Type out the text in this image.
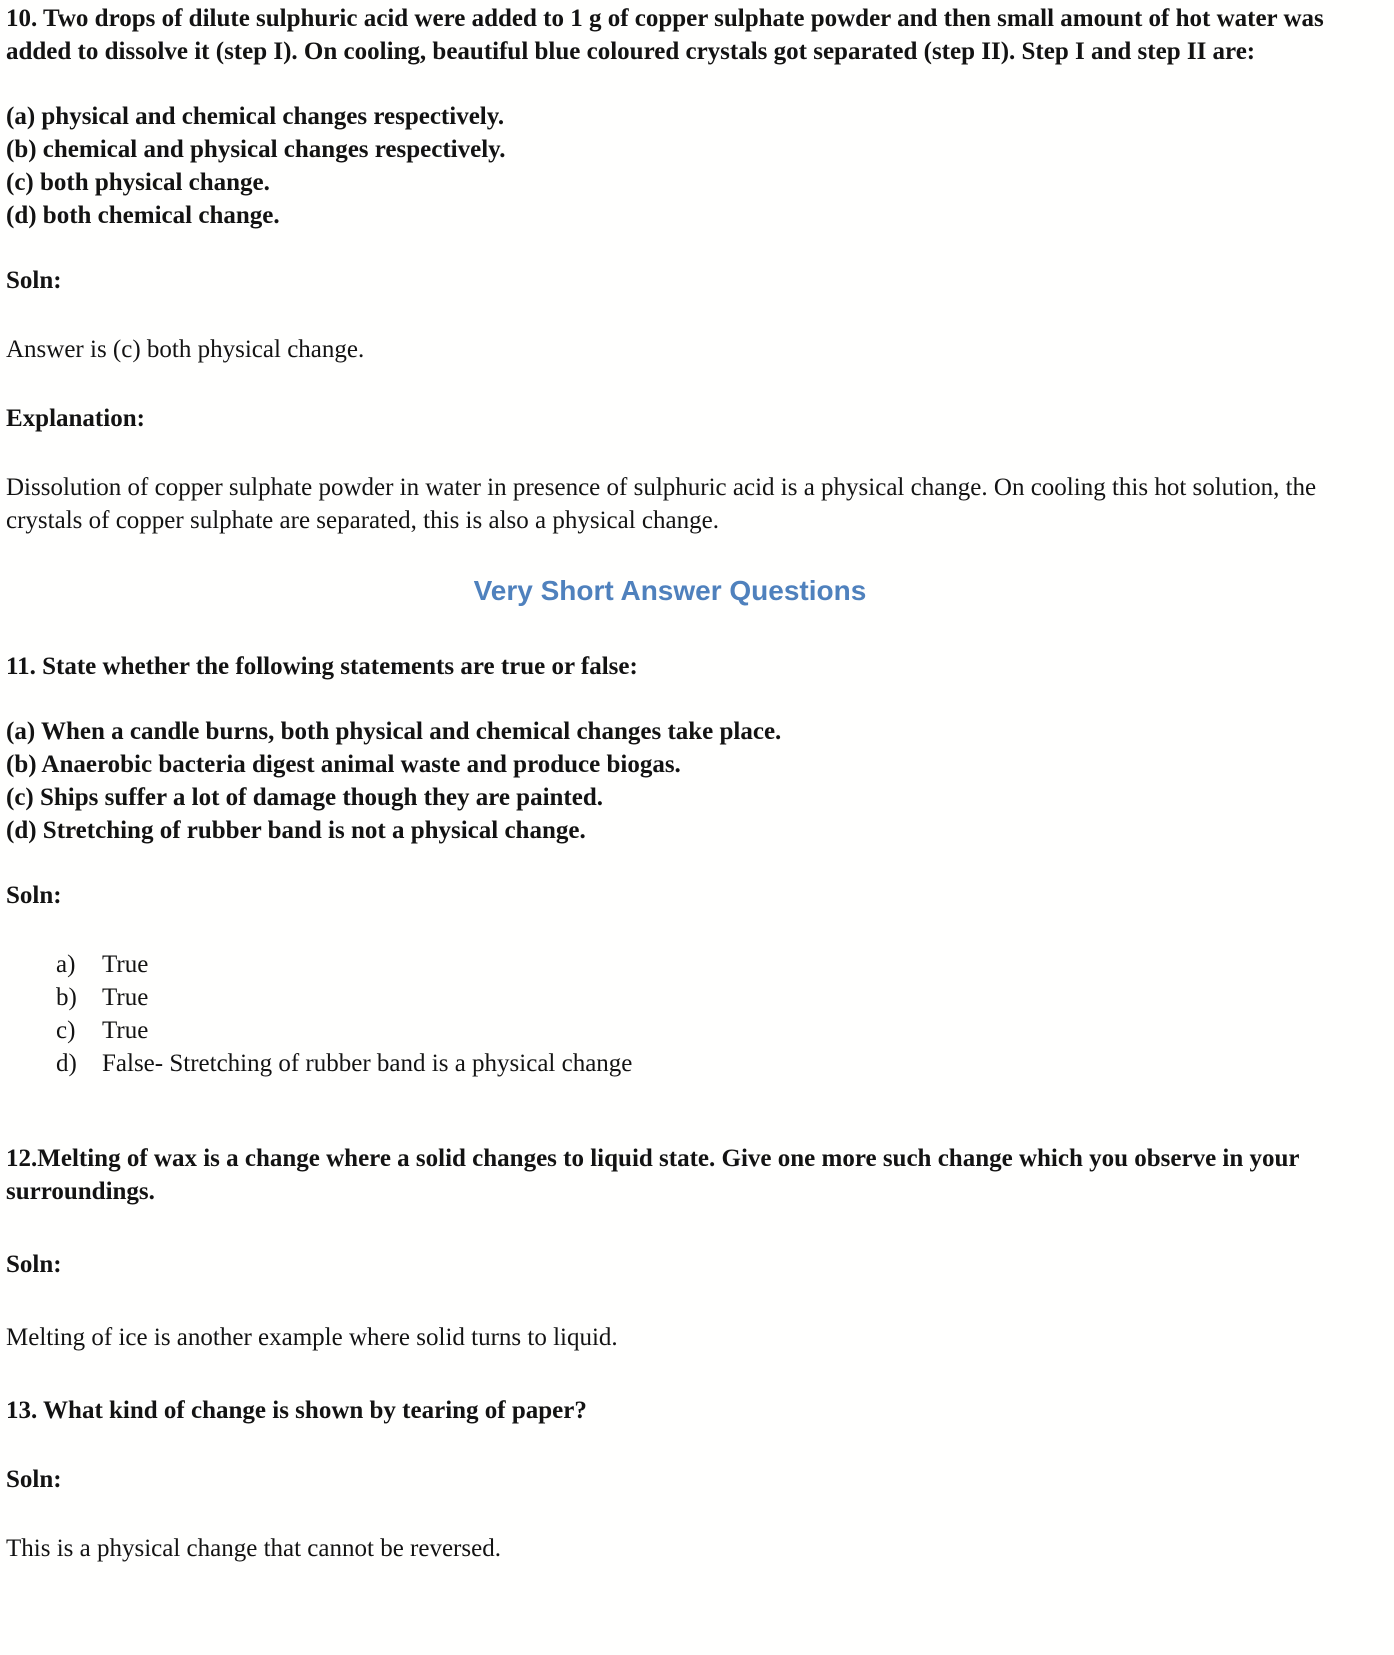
10. Two drops of dilute sulphuric acid were added to 1 g of copper sulphate powder and then small amount of hot water was added to dissolve it (step I). On cooling, beautiful blue coloured crystals got separated (step II). Step I and step II are:

(a) physical and chemical changes respectively.

(b) chemical and physical changes respectively.

(c) both physical change.

(d) both chemical change.

Soln:

Answer is (c) both physical change.

Explanation:

Dissolution of copper sulphate powder in water in presence of sulphuric acid is a physical change. On cooling this hot solution, the crystals of copper sulphate are separated, this is also a physical change.

Very Short Answer Questions

11. State whether the following statements are true or false:

(a) When a candle burns, both physical and chemical changes take place.

(b) Anaerobic bacteria digest animal waste and produce biogas.

(c) Ships suffer a lot of damage though they are painted.

(d) Stretching of rubber band is not a physical change.

Soln:

a)	True
b)	True
c)	True
d)	False- Stretching of rubber band is a physical change

12.Melting of wax is a change where a solid changes to liquid state. Give one more such change which you observe in your surroundings.

Soln:

Melting of ice is another example where solid turns to liquid.

13. What kind of change is shown by tearing of paper?

Soln:

This is a physical change that cannot be reversed.
